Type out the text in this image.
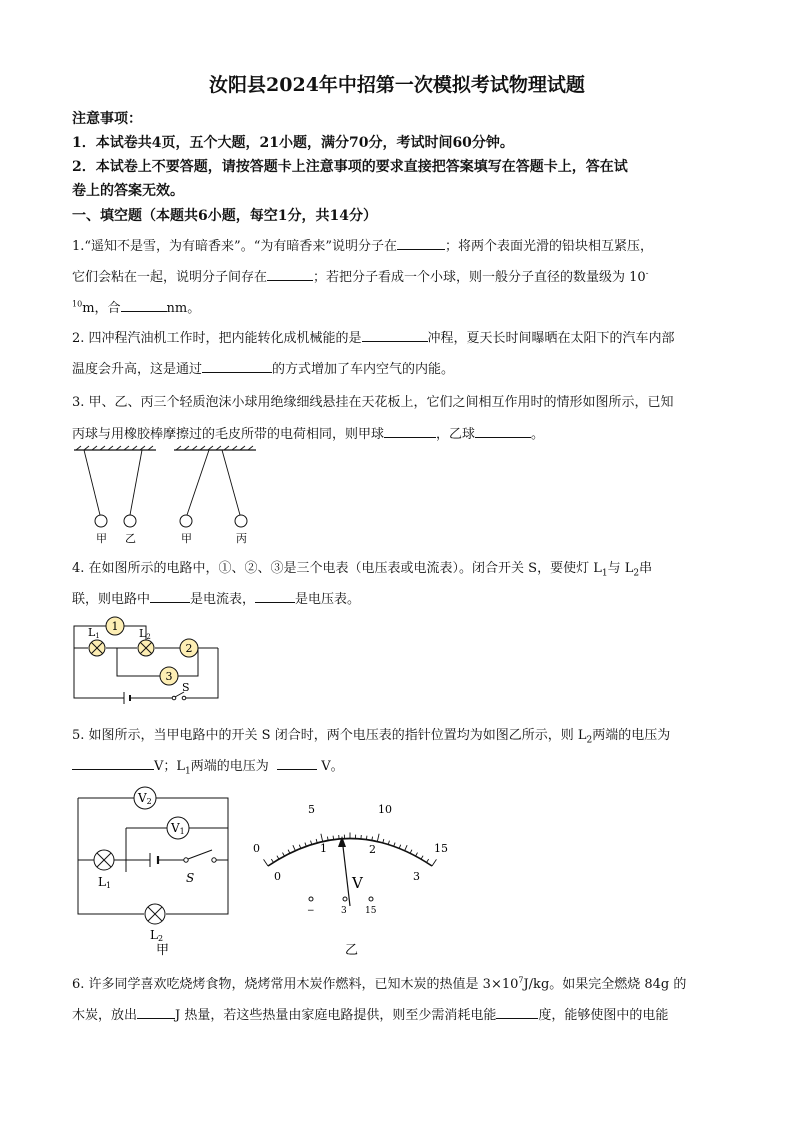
汝阳县2024年中招第一次模拟考试物理试题
注意事项：
1．本试卷共4页，五个大题，21小题，满分70分，考试时间60分钟。
2．本试卷上不要答题，请按答题卡上注意事项的要求直接把答案填写在答题卡上，答在试
卷上的答案无效。
一、填空题（本题共6小题，每空1分，共14分）
1.“遥知不是雪，为有暗香来”。“为有暗香来”说明分子在	；将两个表面光滑的铅块相互紧压，
它们会粘在一起，说明分子间存在	；若把分子看成一个小球，则一般分子直径的数量级为 10-
$^{10}$m，合	nm。
2. 四冲程汽油机工作时，把内能转化成机械能的是	冲程，夏天长时间曝晒在太阳下的汽车内部
温度会升高，这是通过	的方式增加了车内空气的内能。
3. 甲、乙、丙三个轻质泡沫小球用绝缘细线悬挂在天花板上，它们之间相互作用时的情形如图所示，已知
丙球与用橡胶棒摩擦过的毛皮所带的电荷相同，则甲球	，乙球	。
甲 乙	甲	丙
4. 在如图所示的电路中，①、②、③是三个电表（电压表或电流表）。闭合开关 S，要使灯 $L_1$与 $L_2$串
联，则电路中	是电流表，	是电压表。
1
2
3
L1	L2
S
5. 如图所示，当甲电路中的开关 S 闭合时，两个电压表的指针位置均为如图乙所示，则 $L_2$两端的电压为
V；$L_1$两端的电压为	V。
V2
V1
L1
S
L2
甲
0
5	10
15
0
1	2
3
V
−	3 15
乙
6. 许多同学喜欢吃烧烤食物，烧烤常用木炭作燃料，已知木炭的热值是 $3\times 10^7J/kg$。如果完全燃烧 84g 的
木炭，放出	J 热量，若这些热量由家庭电路提供，则至少需消耗电能	度，能够使图中的电能
